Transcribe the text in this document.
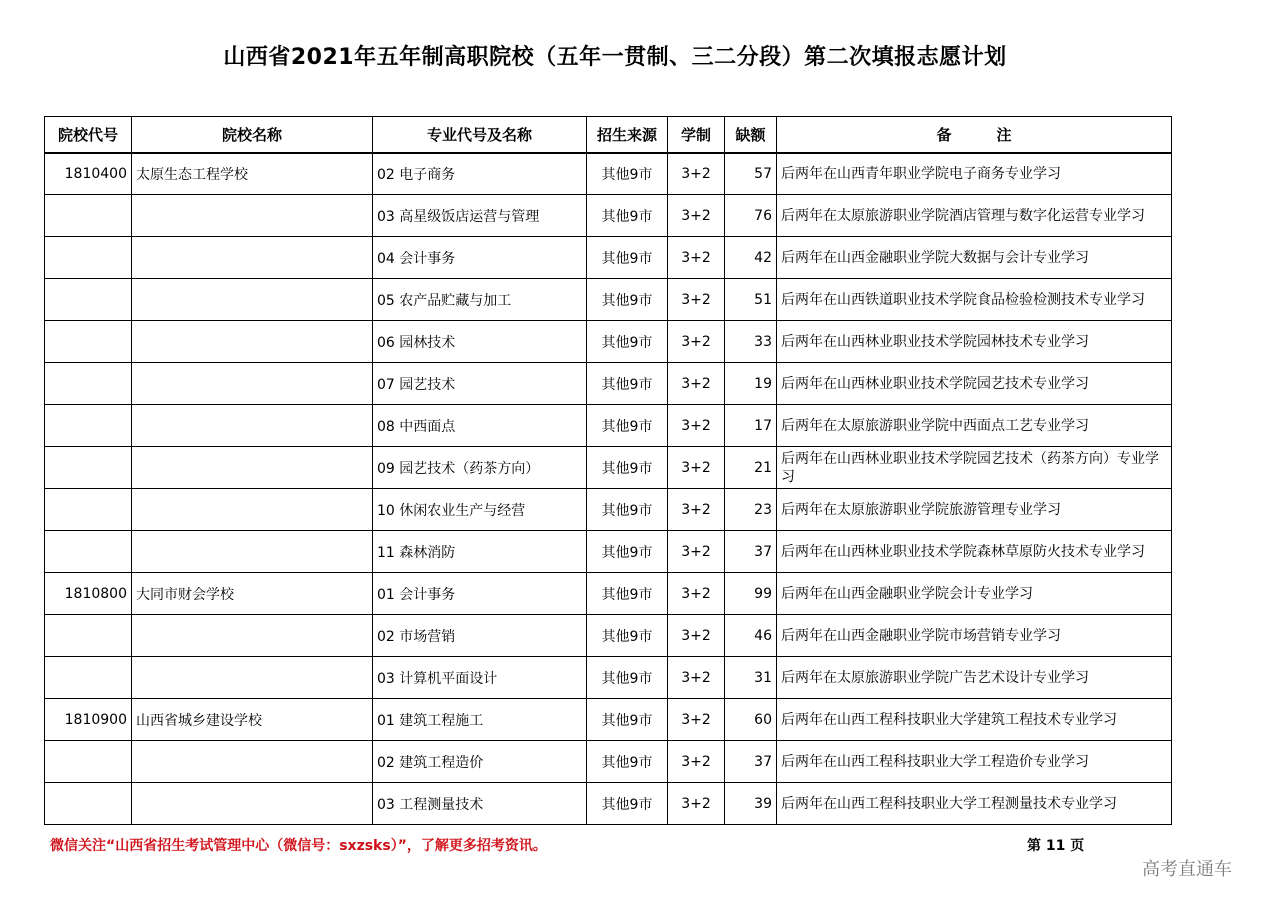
山西省2021年五年制高职院校（五年一贯制、三二分段）第二次填报志愿计划
院校代号	院校名称	专业代号及名称	招生来源	学制	缺额	备　　　注
1810400	太原生态工程学校	02 电子商务	其他9市	3+2	57	后两年在山西青年职业学院电子商务专业学习

		03 高星级饭店运营与管理	其他9市	3+2	76	后两年在太原旅游职业学院酒店管理与数字化运营专业学习

		04 会计事务	其他9市	3+2	42	后两年在山西金融职业学院大数据与会计专业学习

		05 农产品贮藏与加工	其他9市	3+2	51	后两年在山西铁道职业技术学院食品检验检测技术专业学习

		06 园林技术	其他9市	3+2	33	后两年在山西林业职业技术学院园林技术专业学习

		07 园艺技术	其他9市	3+2	19	后两年在山西林业职业技术学院园艺技术专业学习

		08 中西面点	其他9市	3+2	17	后两年在太原旅游职业学院中西面点工艺专业学习

		09 园艺技术（药茶方向）	其他9市	3+2	21	后两年在山西林业职业技术学院园艺技术（药茶方向）专业学习

		10 休闲农业生产与经营	其他9市	3+2	23	后两年在太原旅游职业学院旅游管理专业学习

		11 森林消防	其他9市	3+2	37	后两年在山西林业职业技术学院森林草原防火技术专业学习

1810800	大同市财会学校	01 会计事务	其他9市	3+2	99	后两年在山西金融职业学院会计专业学习

		02 市场营销	其他9市	3+2	46	后两年在山西金融职业学院市场营销专业学习

		03 计算机平面设计	其他9市	3+2	31	后两年在太原旅游职业学院广告艺术设计专业学习

1810900	山西省城乡建设学校	01 建筑工程施工	其他9市	3+2	60	后两年在山西工程科技职业大学建筑工程技术专业学习

		02 建筑工程造价	其他9市	3+2	37	后两年在山西工程科技职业大学工程造价专业学习

		03 工程测量技术	其他9市	3+2	39	后两年在山西工程科技职业大学工程测量技术专业学习
微信关注“山西省招生考试管理中心（微信号：sxzsks）”，了解更多招考资讯。	第 11 页
高考直通车
